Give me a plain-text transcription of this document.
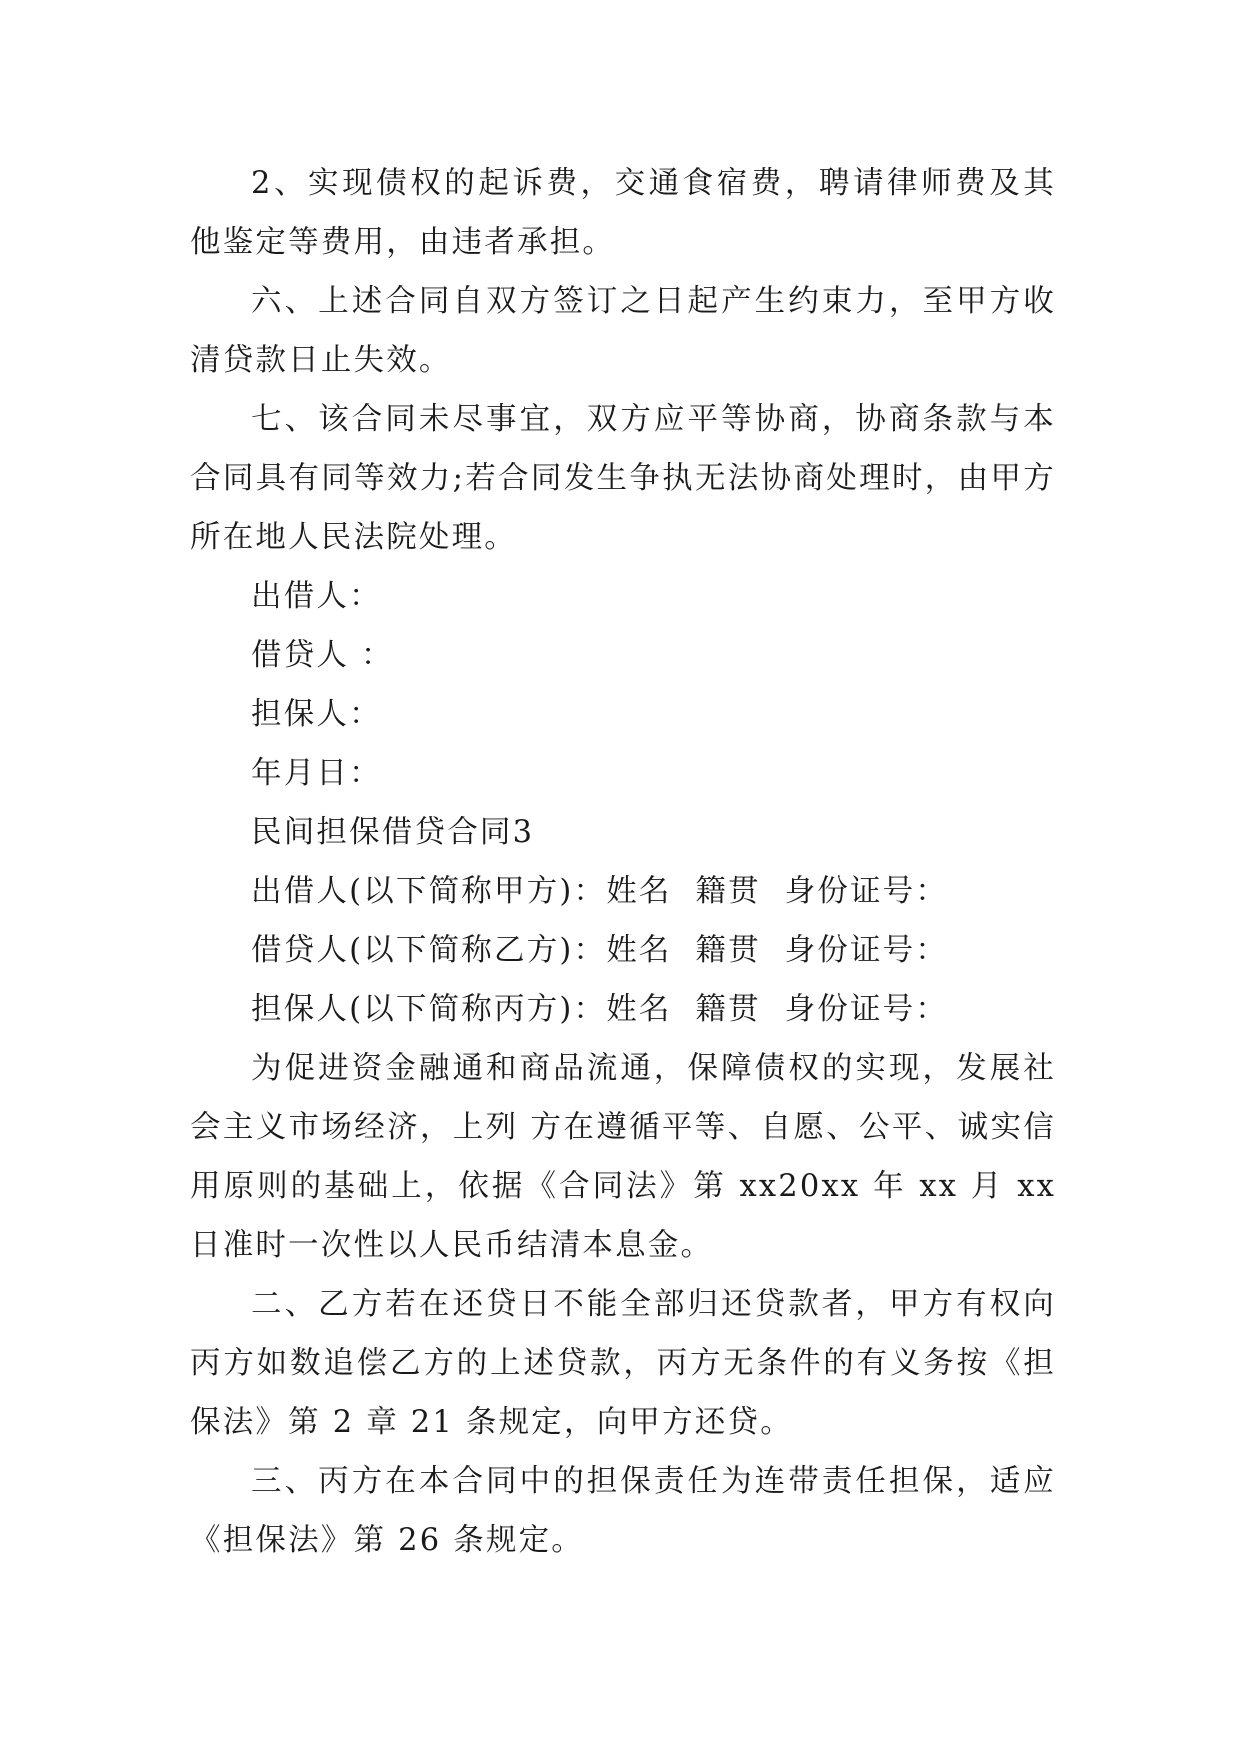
2、实现债权的起诉费，交通食宿费，聘请律师费及其他鉴定等费用，由违者承担。

六、上述合同自双方签订之日起产生约束力，至甲方收清贷款日止失效。

七、该合同未尽事宜，双方应平等协商，协商条款与本合同具有同等效力;若合同发生争执无法协商处理时，由甲方所在地人民法院处理。

出借人：

借贷人 ：

担保人：

年月日：

民间担保借贷合同3

出借人(以下简称甲方)：姓名  籍贯  身份证号：

借贷人(以下简称乙方)：姓名  籍贯  身份证号：

担保人(以下简称丙方)：姓名  籍贯  身份证号：

为促进资金融通和商品流通，保障债权的实现，发展社会主义市场经济，上列 方在遵循平等、自愿、公平、诚实信用原则的基础上，依据《合同法》第 xx20xx 年 xx 月 xx 日准时一次性以人民币结清本息金。

二、乙方若在还贷日不能全部归还贷款者，甲方有权向丙方如数追偿乙方的上述贷款，丙方无条件的有义务按《担保法》第 2 章 21 条规定，向甲方还贷。

三、丙方在本合同中的担保责任为连带责任担保，适应《担保法》第 26 条规定。
